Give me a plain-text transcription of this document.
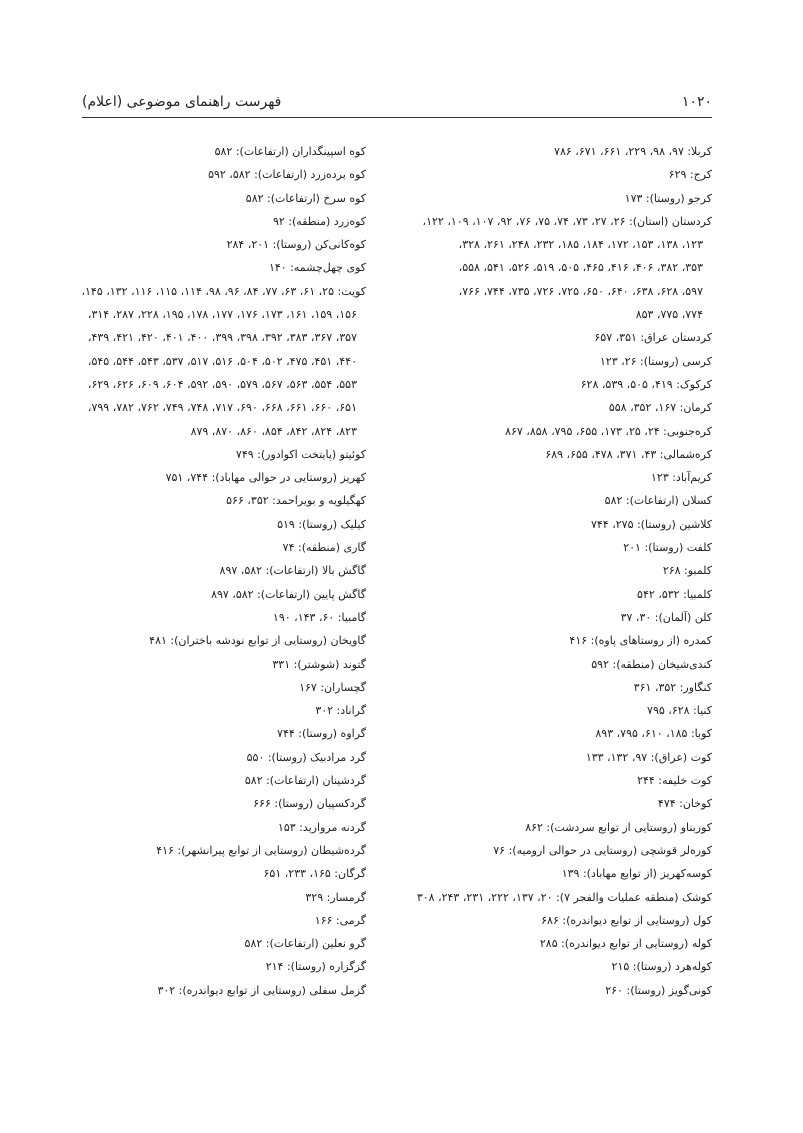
۱۰۲۰
فهرست راهنمای موضوعی (اعلام)
کربلا: ۹۷، ۹۸، ۲۲۹، ۶۶۱، ۶۷۱، ۷۸۶
کرج: ۶۲۹
کرجو (روستا): ۱۷۳
کردستان (استان): ۲۶، ۲۷، ۷۳، ۷۴، ۷۵، ۷۶، ۹۲، ۱۰۷، ۱۰۹، ۱۲۲،
۱۲۳، ۱۳۸، ۱۵۳، ۱۷۲، ۱۸۴، ۱۸۵، ۲۳۲، ۲۴۸، ۲۶۱، ۳۲۸،
۳۵۳، ۳۸۲، ۴۰۶، ۴۱۶، ۴۶۵، ۵۰۵، ۵۱۹، ۵۲۶، ۵۴۱، ۵۵۸،
۵۹۷، ۶۲۸، ۶۳۸، ۶۴۰، ۶۵۰، ۷۲۵، ۷۲۶، ۷۳۵، ۷۴۴، ۷۶۶،
۷۷۴، ۷۷۵، ۸۵۳
کردستان عراق: ۳۵۱، ۶۵۷
کرسی (روستا): ۲۶، ۱۲۳
کرکوک: ۴۱۹، ۵۰۵، ۵۳۹، ۶۲۸
کرمان: ۱۶۷، ۳۵۲، ۵۵۸
کره‌جنوبی: ۲۴، ۲۵، ۱۷۳، ۶۵۵، ۷۹۵، ۸۵۸، ۸۶۷
کره‌شمالی: ۴۳، ۳۷۱، ۴۷۸، ۶۵۵، ۶۸۹
کریم‌آباد: ۱۲۳
کسلان (ارتفاعات): ۵۸۲
کلاشین (روستا): ۲۷۵، ۷۴۴
کلفت (روستا): ۲۰۱
کلمبو: ۲۶۸
کلمبیا: ۵۳۲، ۵۴۲
کلن (آلمان): ۳۰، ۳۷
کمدره (از روستاهای پاوه): ۴۱۶
کندی‌شیخان (منطقه): ۵۹۲
کنگاور: ۳۵۲، ۳۶۱
کنیا: ۶۲۸، ۷۹۵
کوبا: ۱۸۵، ۶۱۰، ۷۹۵، ۸۹۳
کوت (عراق): ۹۷، ۱۳۲، ۱۳۳
کوت خلیفه: ۲۴۴
کوخان: ۴۷۴
کوربناو (روستایی از توابع سردشت): ۸۶۲
کوره‌لر قوشچی (روستایی در حوالی ارومیه): ۷۶
کوسه‌کهریز (از توابع مهاباد): ۱۳۹
کوشک (منطقه عملیات والفجر ۷): ۲۰، ۱۳۷، ۲۲۲، ۲۳۱، ۲۴۳، ۳۰۸
کول (روستایی از توابع دیواندره): ۶۸۶
کوله (روستایی از توابع دیواندره): ۲۸۵
کوله‌هرد (روستا): ۲۱۵
کونی‌گویز (روستا): ۲۶۰
کوه اسپینگداران (ارتفاعات): ۵۸۲
کوه برده‌زرد (ارتفاعات): ۵۸۲، ۵۹۲
کوه سرخ (ارتفاعات): ۵۸۲
کوه‌زرد (منطقه): ۹۲
کوه‌کانی‌کن (روستا): ۲۰۱، ۲۸۴
کوی چهل‌چشمه: ۱۴۰
کویت: ۲۵، ۶۱، ۶۳، ۷۷، ۸۴، ۹۶، ۹۸، ۱۱۴، ۱۱۵، ۱۱۶، ۱۳۲، ۱۴۵،
۱۵۶، ۱۵۹، ۱۶۱، ۱۷۳، ۱۷۶، ۱۷۷، ۱۷۸، ۱۹۵، ۲۲۸، ۲۸۷، ۳۱۴،
۳۵۷، ۳۶۷، ۳۸۳، ۳۹۲، ۳۹۸، ۳۹۹، ۴۰۰، ۴۰۱، ۴۲۰، ۴۲۱، ۴۳۹،
۴۴۰، ۴۵۱، ۴۷۵، ۵۰۲، ۵۰۴، ۵۱۶، ۵۱۷، ۵۳۷، ۵۴۳، ۵۴۴، ۵۴۵،
۵۵۳، ۵۵۴، ۵۶۳، ۵۶۷، ۵۷۹، ۵۹۰، ۵۹۲، ۶۰۴، ۶۰۹، ۶۲۶، ۶۲۹،
۶۵۱، ۶۶۰، ۶۶۱، ۶۶۸، ۶۹۰، ۷۱۷، ۷۴۸، ۷۴۹، ۷۶۲، ۷۸۲، ۷۹۹،
۸۲۳، ۸۲۴، ۸۴۲، ۸۵۴، ۸۶۰، ۸۷۰، ۸۷۹
کوئیتو (پایتخت اکوادور): ۷۴۹
کهریز (روستایی در حوالی مهاباد): ۷۴۴، ۷۵۱
کهگیلویه و بویراحمد: ۳۵۲، ۵۶۶
کیلیک (روستا): ۵۱۹
گاری (منطقه): ۷۴
گاگش بالا (ارتفاعات): ۵۸۲، ۸۹۷
گاگش پایین (ارتفاعات): ۵۸۲، ۸۹۷
گامبیا: ۶۰، ۱۴۳، ۱۹۰
گاویخان (روستایی از توابع نودشه باختران): ۴۸۱
گتوند (شوشتر): ۳۳۱
گچساران: ۱۶۷
گراناد: ۳۰۲
گراوه (روستا): ۷۴۴
گرد مرادبیک (روستا): ۵۵۰
گردشینان (ارتفاعات): ۵۸۲
گردکسپیان (روستا): ۶۶۶
گردنه مروارید: ۱۵۳
گرده‌شیطان (روستایی از توابع پیرانشهر): ۴۱۶
گرگان: ۱۶۵، ۲۳۳، ۶۵۱
گرمسار: ۳۲۹
گرمی: ۱۶۶
گرو نعلین (ارتفاعات): ۵۸۲
گزگزاره (روستا): ۲۱۴
گزمل سفلی (روستایی از توابع دیواندره): ۳۰۲
